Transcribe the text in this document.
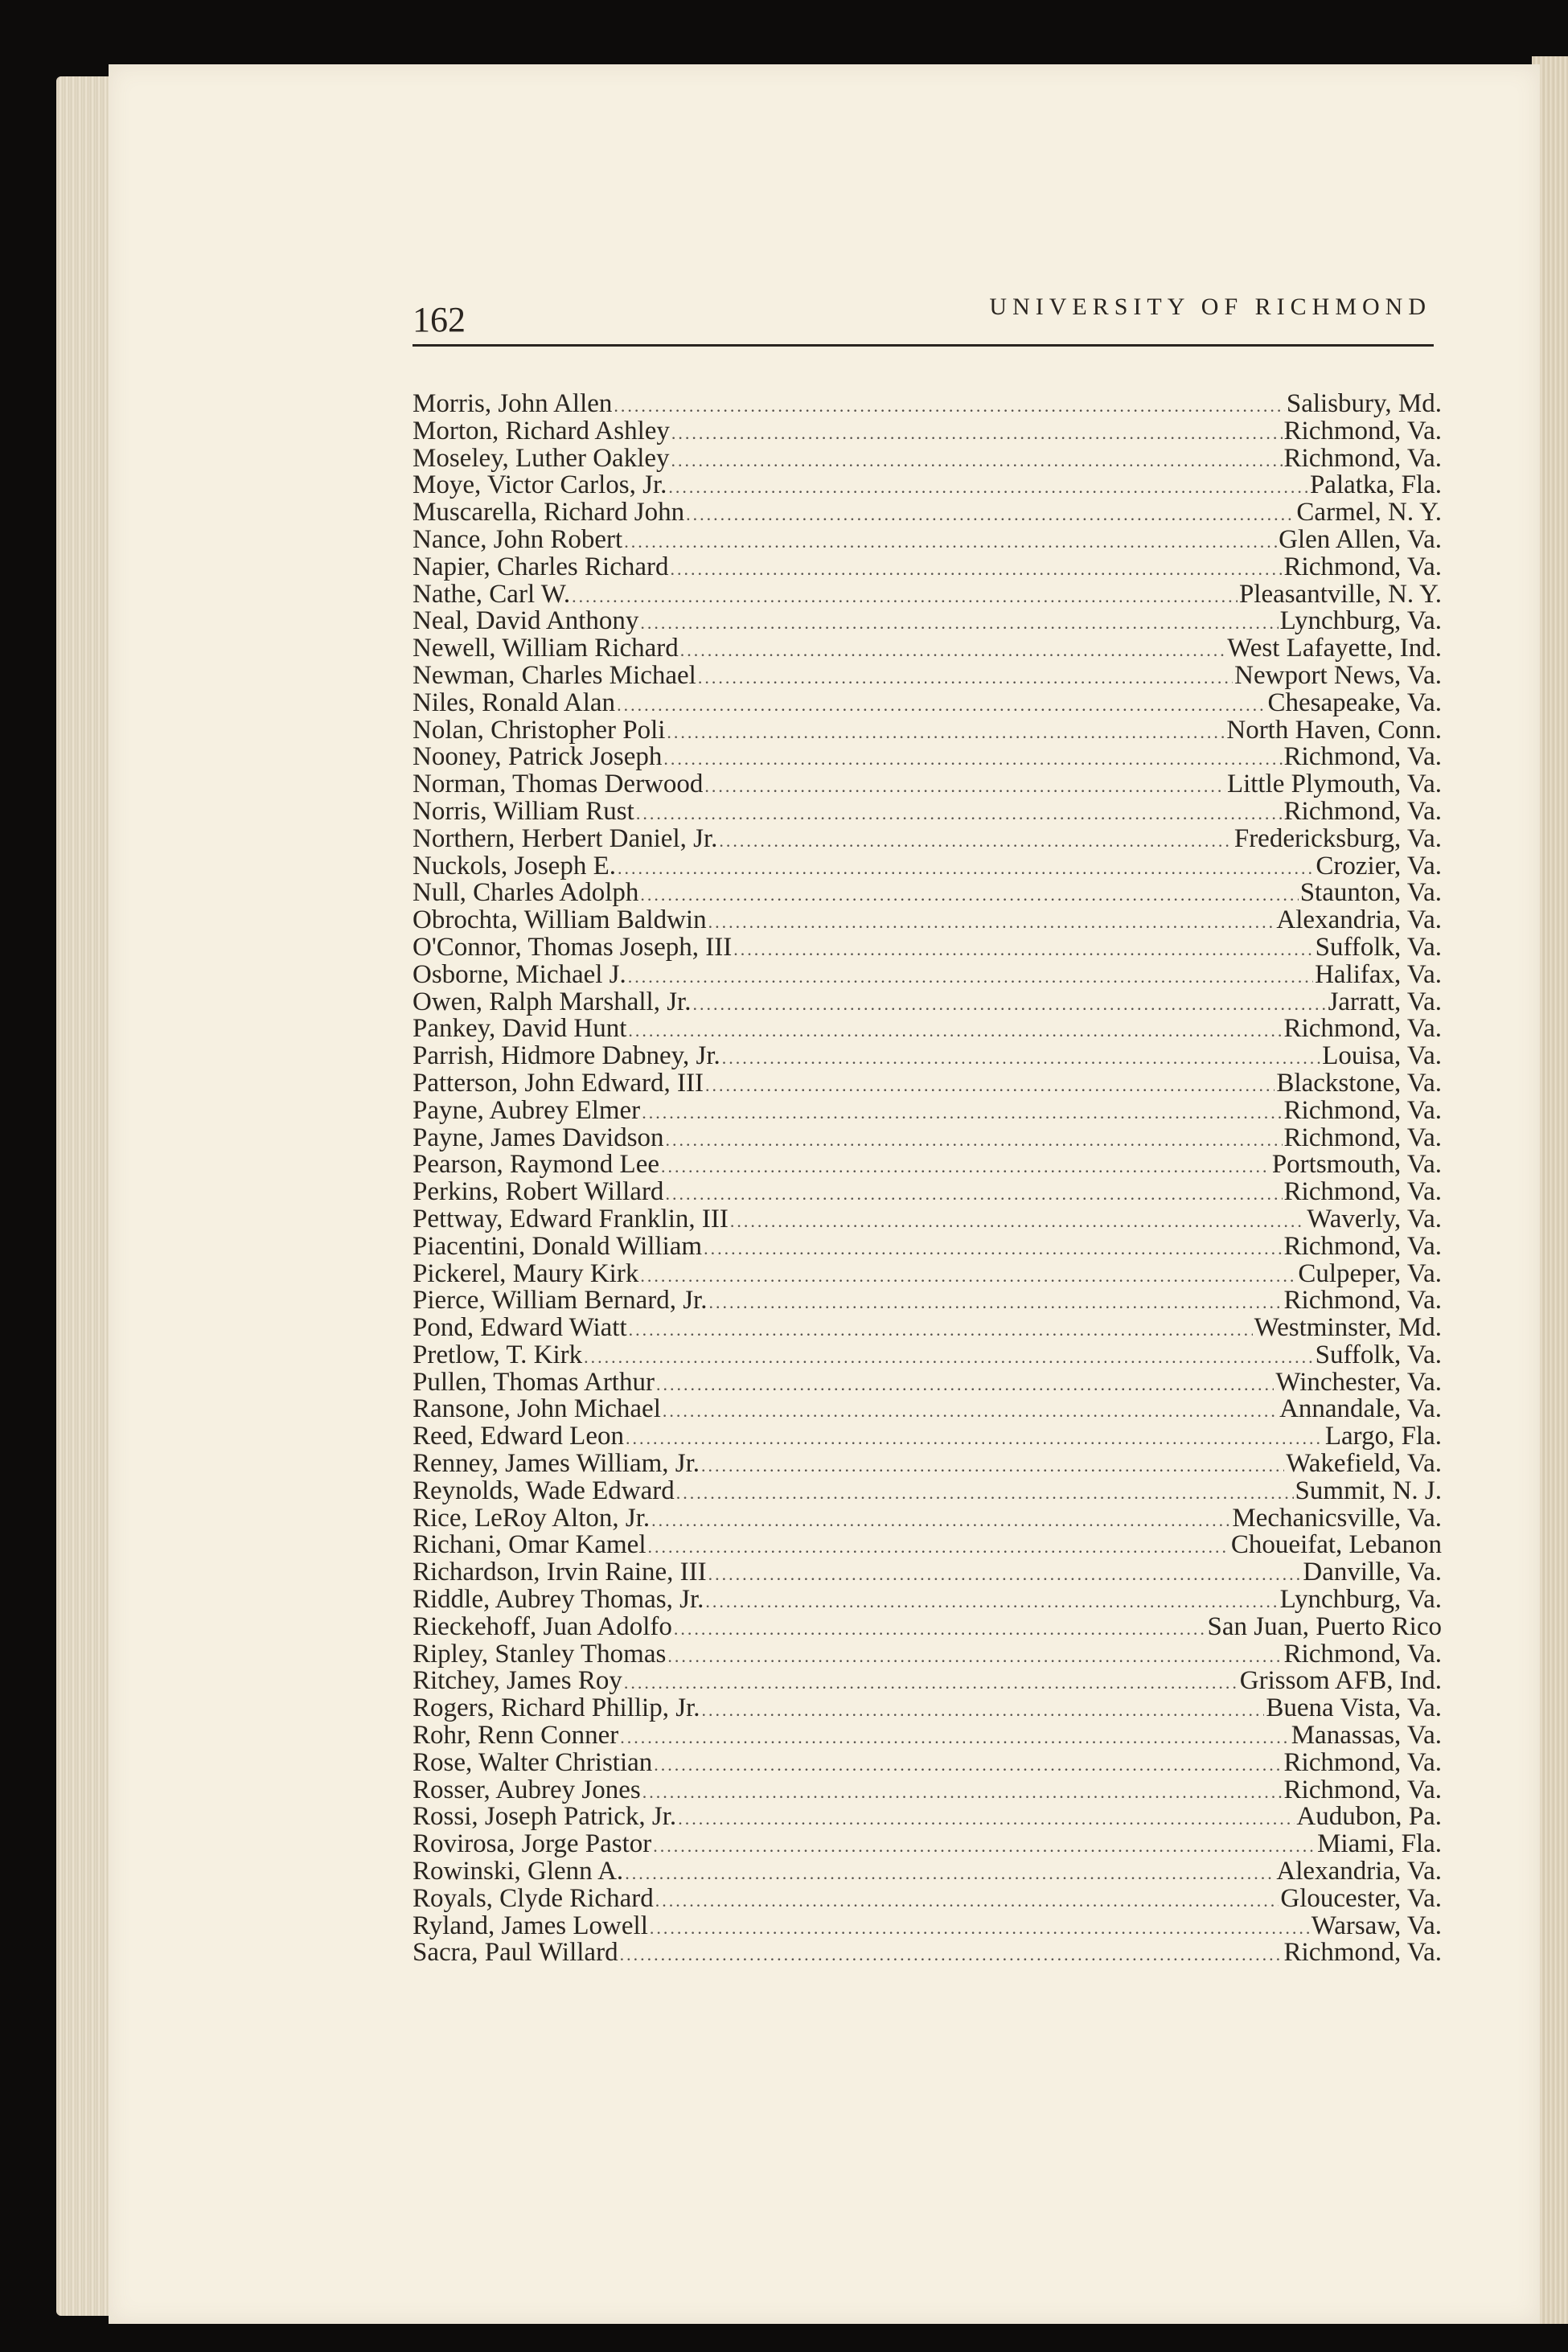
162	UNIVERSITY OF RICHMOND
Morris, John Allen .....	Salisbury, Md.
Morton, Richard Ashley .....	Richmond, Va.
Moseley, Luther Oakley .....	Richmond, Va.
Moye, Victor Carlos, Jr. .....	Palatka, Fla.
Muscarella, Richard John .....	Carmel, N. Y.
Nance, John Robert .....	Glen Allen, Va.
Napier, Charles Richard .....	Richmond, Va.
Nathe, Carl W. .....	Pleasantville, N. Y.
Neal, David Anthony .....	Lynchburg, Va.
Newell, William Richard .....	West Lafayette, Ind.
Newman, Charles Michael .....	Newport News, Va.
Niles, Ronald Alan .....	Chesapeake, Va.
Nolan, Christopher Poli .....	North Haven, Conn.
Nooney, Patrick Joseph .....	Richmond, Va.
Norman, Thomas Derwood .....	Little Plymouth, Va.
Norris, William Rust .....	Richmond, Va.
Northern, Herbert Daniel, Jr. .....	Fredericksburg, Va.
Nuckols, Joseph E. .....	Crozier, Va.
Null, Charles Adolph .....	Staunton, Va.
Obrochta, William Baldwin .....	Alexandria, Va.
O'Connor, Thomas Joseph, III .....	Suffolk, Va.
Osborne, Michael J. .....	Halifax, Va.
Owen, Ralph Marshall, Jr. .....	Jarratt, Va.
Pankey, David Hunt .....	Richmond, Va.
Parrish, Hidmore Dabney, Jr. .....	Louisa, Va.
Patterson, John Edward, III .....	Blackstone, Va.
Payne, Aubrey Elmer .....	Richmond, Va.
Payne, James Davidson .....	Richmond, Va.
Pearson, Raymond Lee .....	Portsmouth, Va.
Perkins, Robert Willard .....	Richmond, Va.
Pettway, Edward Franklin, III .....	Waverly, Va.
Piacentini, Donald William .....	Richmond, Va.
Pickerel, Maury Kirk .....	Culpeper, Va.
Pierce, William Bernard, Jr. .....	Richmond, Va.
Pond, Edward Wiatt .....	Westminster, Md.
Pretlow, T. Kirk .....	Suffolk, Va.
Pullen, Thomas Arthur .....	Winchester, Va.
Ransone, John Michael .....	Annandale, Va.
Reed, Edward Leon .....	Largo, Fla.
Renney, James William, Jr. .....	Wakefield, Va.
Reynolds, Wade Edward .....	Summit, N. J.
Rice, LeRoy Alton, Jr. .....	Mechanicsville, Va.
Richani, Omar Kamel .....	Choueifat, Lebanon
Richardson, Irvin Raine, III .....	Danville, Va.
Riddle, Aubrey Thomas, Jr. .....	Lynchburg, Va.
Rieckehoff, Juan Adolfo .....	San Juan, Puerto Rico
Ripley, Stanley Thomas .....	Richmond, Va.
Ritchey, James Roy .....	Grissom AFB, Ind.
Rogers, Richard Phillip, Jr. .....	Buena Vista, Va.
Rohr, Renn Conner .....	Manassas, Va.
Rose, Walter Christian .....	Richmond, Va.
Rosser, Aubrey Jones .....	Richmond, Va.
Rossi, Joseph Patrick, Jr. .....	Audubon, Pa.
Rovirosa, Jorge Pastor .....	Miami, Fla.
Rowinski, Glenn A. .....	Alexandria, Va.
Royals, Clyde Richard .....	Gloucester, Va.
Ryland, James Lowell .....	Warsaw, Va.
Sacra, Paul Willard .....	Richmond, Va.
